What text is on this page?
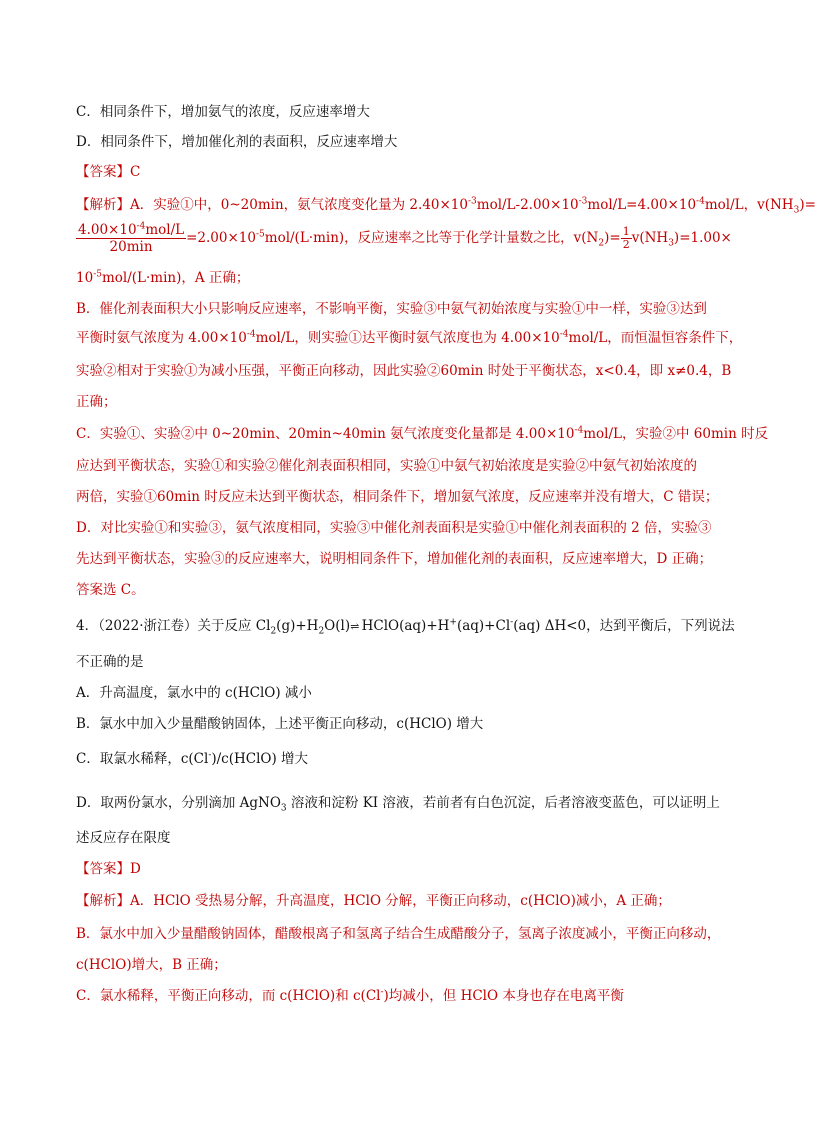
C．相同条件下，增加氨气的浓度，反应速率增大
D．相同条件下，增加催化剂的表面积，反应速率增大
【答案】C
【解析】A．实验①中，0~20min，氨气浓度变化量为 $2.40\times 10^{-3}mol/L-2.00\times 10^{-3}mol/L=4.00\times 10^{-4}mol/L$，$v(NH_3)=$
$\frac{4.00\times 10^{-4}mol/L}{20\min} =2.00\times 10^{-5}mol/(L\cdot\min)$，反应速率之比等于化学计量数之比，$v(N_2)= \frac{1}{2} v(NH_3)=1.00\times$
$10^{-5}mol/(L\cdot\min)$，A 正确；
B．催化剂表面积大小只影响反应速率，不影响平衡，实验③中氨气初始浓度与实验①中一样，实验③达到
平衡时氨气浓度为 $4.00\times 10^{-4}mol/L$，则实验①达平衡时氨气浓度也为 $4.00\times 10^{-4}mol/L$，而恒温恒容条件下，
实验②相对于实验①为减小压强，平衡正向移动，因此实验②60min 时处于平衡状态，x<0.4，即 x≠0.4，B
正确；
C．实验①、实验②中 0~20min、20min~40min 氨气浓度变化量都是 $4.00\times 10^{-4}mol/L$，实验②中 60min 时反
应达到平衡状态，实验①和实验②催化剂表面积相同，实验①中氨气初始浓度是实验②中氨气初始浓度的
两倍，实验①60min 时反应未达到平衡状态，相同条件下，增加氨气浓度，反应速率并没有增大，C 错误；
D．对比实验①和实验③，氨气浓度相同，实验③中催化剂表面积是实验①中催化剂表面积的 2 倍，实验③
先达到平衡状态，实验③的反应速率大，说明相同条件下，增加催化剂的表面积，反应速率增大，D 正确；
答案选 C。
4．（2022·浙江卷）关于反应 $Cl_2(g)+H_2O(l)\rightleftharpoons$ HClO(aq)+H+(aq)+Cl-(aq) ΔH<0，达到平衡后，下列说法
不正确的是
A．升高温度，氯水中的 c(HClO) 减小
B．氯水中加入少量醋酸钠固体，上述平衡正向移动，c(HClO) 增大
C．取氯水稀释，c(Cl-)/c(HClO) 增大
D．取两份氯水，分别滴加 AgNO$_3$ 溶液和淀粉 KI 溶液，若前者有白色沉淀，后者溶液变蓝色，可以证明上
述反应存在限度
【答案】D
【解析】A．HClO 受热易分解，升高温度，HClO 分解，平衡正向移动，c(HClO)减小，A 正确；
B．氯水中加入少量醋酸钠固体，醋酸根离子和氢离子结合生成醋酸分子，氢离子浓度减小，平衡正向移动，
c(HClO)增大，B 正确；
C．氯水稀释，平衡正向移动，而 c(HClO)和 c(Cl-)均减小，但 HClO 本身也存在电离平衡
